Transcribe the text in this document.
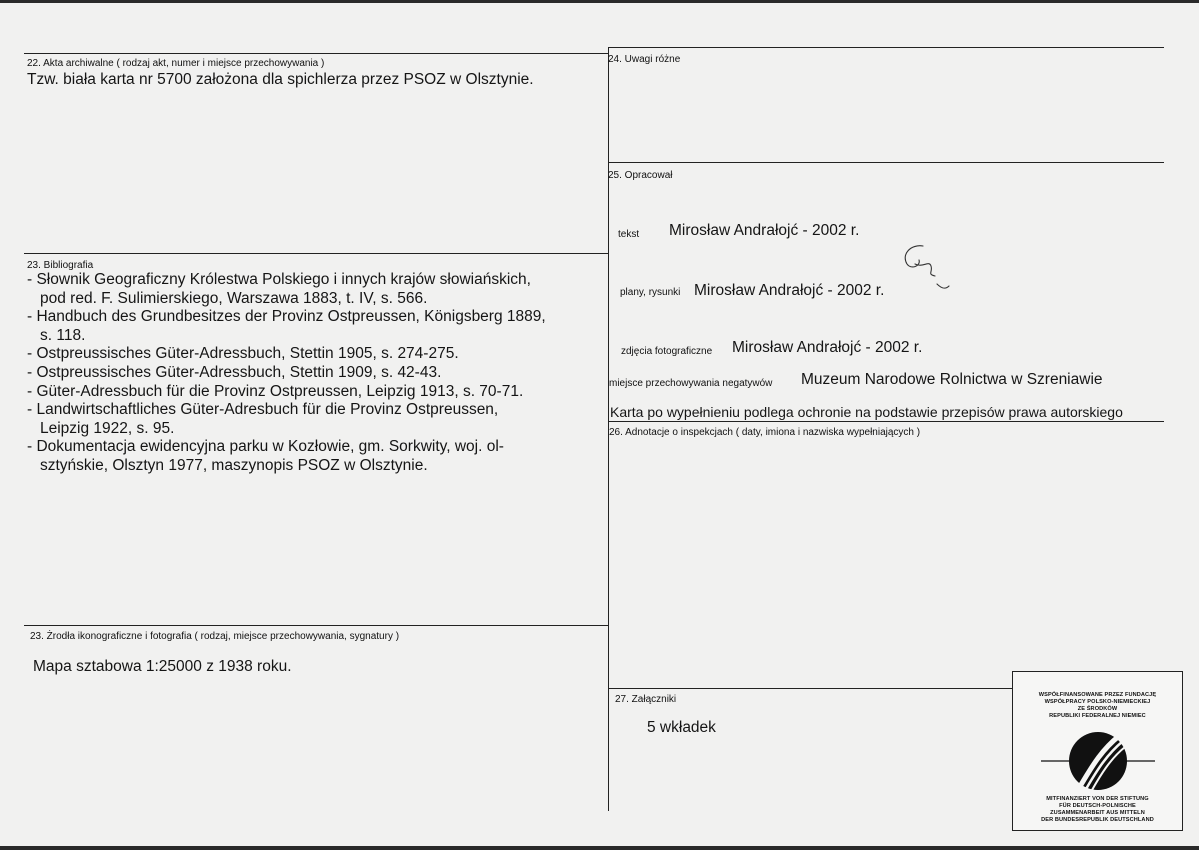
22. Akta archiwalne ( rodzaj akt, numer i miejsce przechowywania )
Tzw. biała karta nr 5700 założona dla spichlerza przez PSOZ w Olsztynie.
23. Bibliografia
- Słownik Geograficzny Królestwa Polskiego i innych krajów słowiańskich,
pod red. F. Sulimierskiego, Warszawa 1883, t. IV, s. 566.
- Handbuch des Grundbesitzes der Provinz Ostpreussen, Königsberg 1889,
s. 118.
- Ostpreussisches Güter-Adressbuch, Stettin 1905, s. 274-275.
- Ostpreussisches Güter-Adressbuch, Stettin 1909, s. 42-43.
- Güter-Adressbuch für die Provinz Ostpreussen, Leipzig 1913, s. 70-71.
- Landwirtschaftliches Güter-Adresbuch für die Provinz Ostpreussen,
Leipzig 1922, s. 95.
- Dokumentacja ewidencyjna parku w Kozłowie, gm. Sorkwity, woj. ol-
sztyńskie, Olsztyn 1977, maszynopis PSOZ w Olsztynie.
23. Żrodła ikonograficzne i fotografia ( rodzaj, miejsce przechowywania, sygnatury )
Mapa sztabowa 1:25000 z 1938 roku.
24. Uwagi różne
25. Opracował
tekst Mirosław Andrałojć - 2002 r.
plany, rysunki Mirosław Andrałojć - 2002 r.
zdjęcia fotograficzne Mirosław Andrałojć - 2002 r.
miejsce przechowywania negatywów Muzeum Narodowe Rolnictwa w Szreniawie
Karta po wypełnieniu podlega ochronie na podstawie przepisów prawa autorskiego
26. Adnotacje o inspekcjach ( daty, imiona i nazwiska wypełniających )
27. Załączniki
5 wkładek
WSPÓŁFINANSOWANE PRZEZ FUNDACJĘ
WSPÓŁPRACY POLSKO-NIEMIECKIEJ
ZE ŚRODKÓW
REPUBLIKI FEDERALNEJ NIEMIEC
MITFINANZIERT VON DER STIFTUNG
FÜR DEUTSCH-POLNISCHE
ZUSAMMENARBEIT AUS MITTELN
DER BUNDESREPUBLIK DEUTSCHLAND
